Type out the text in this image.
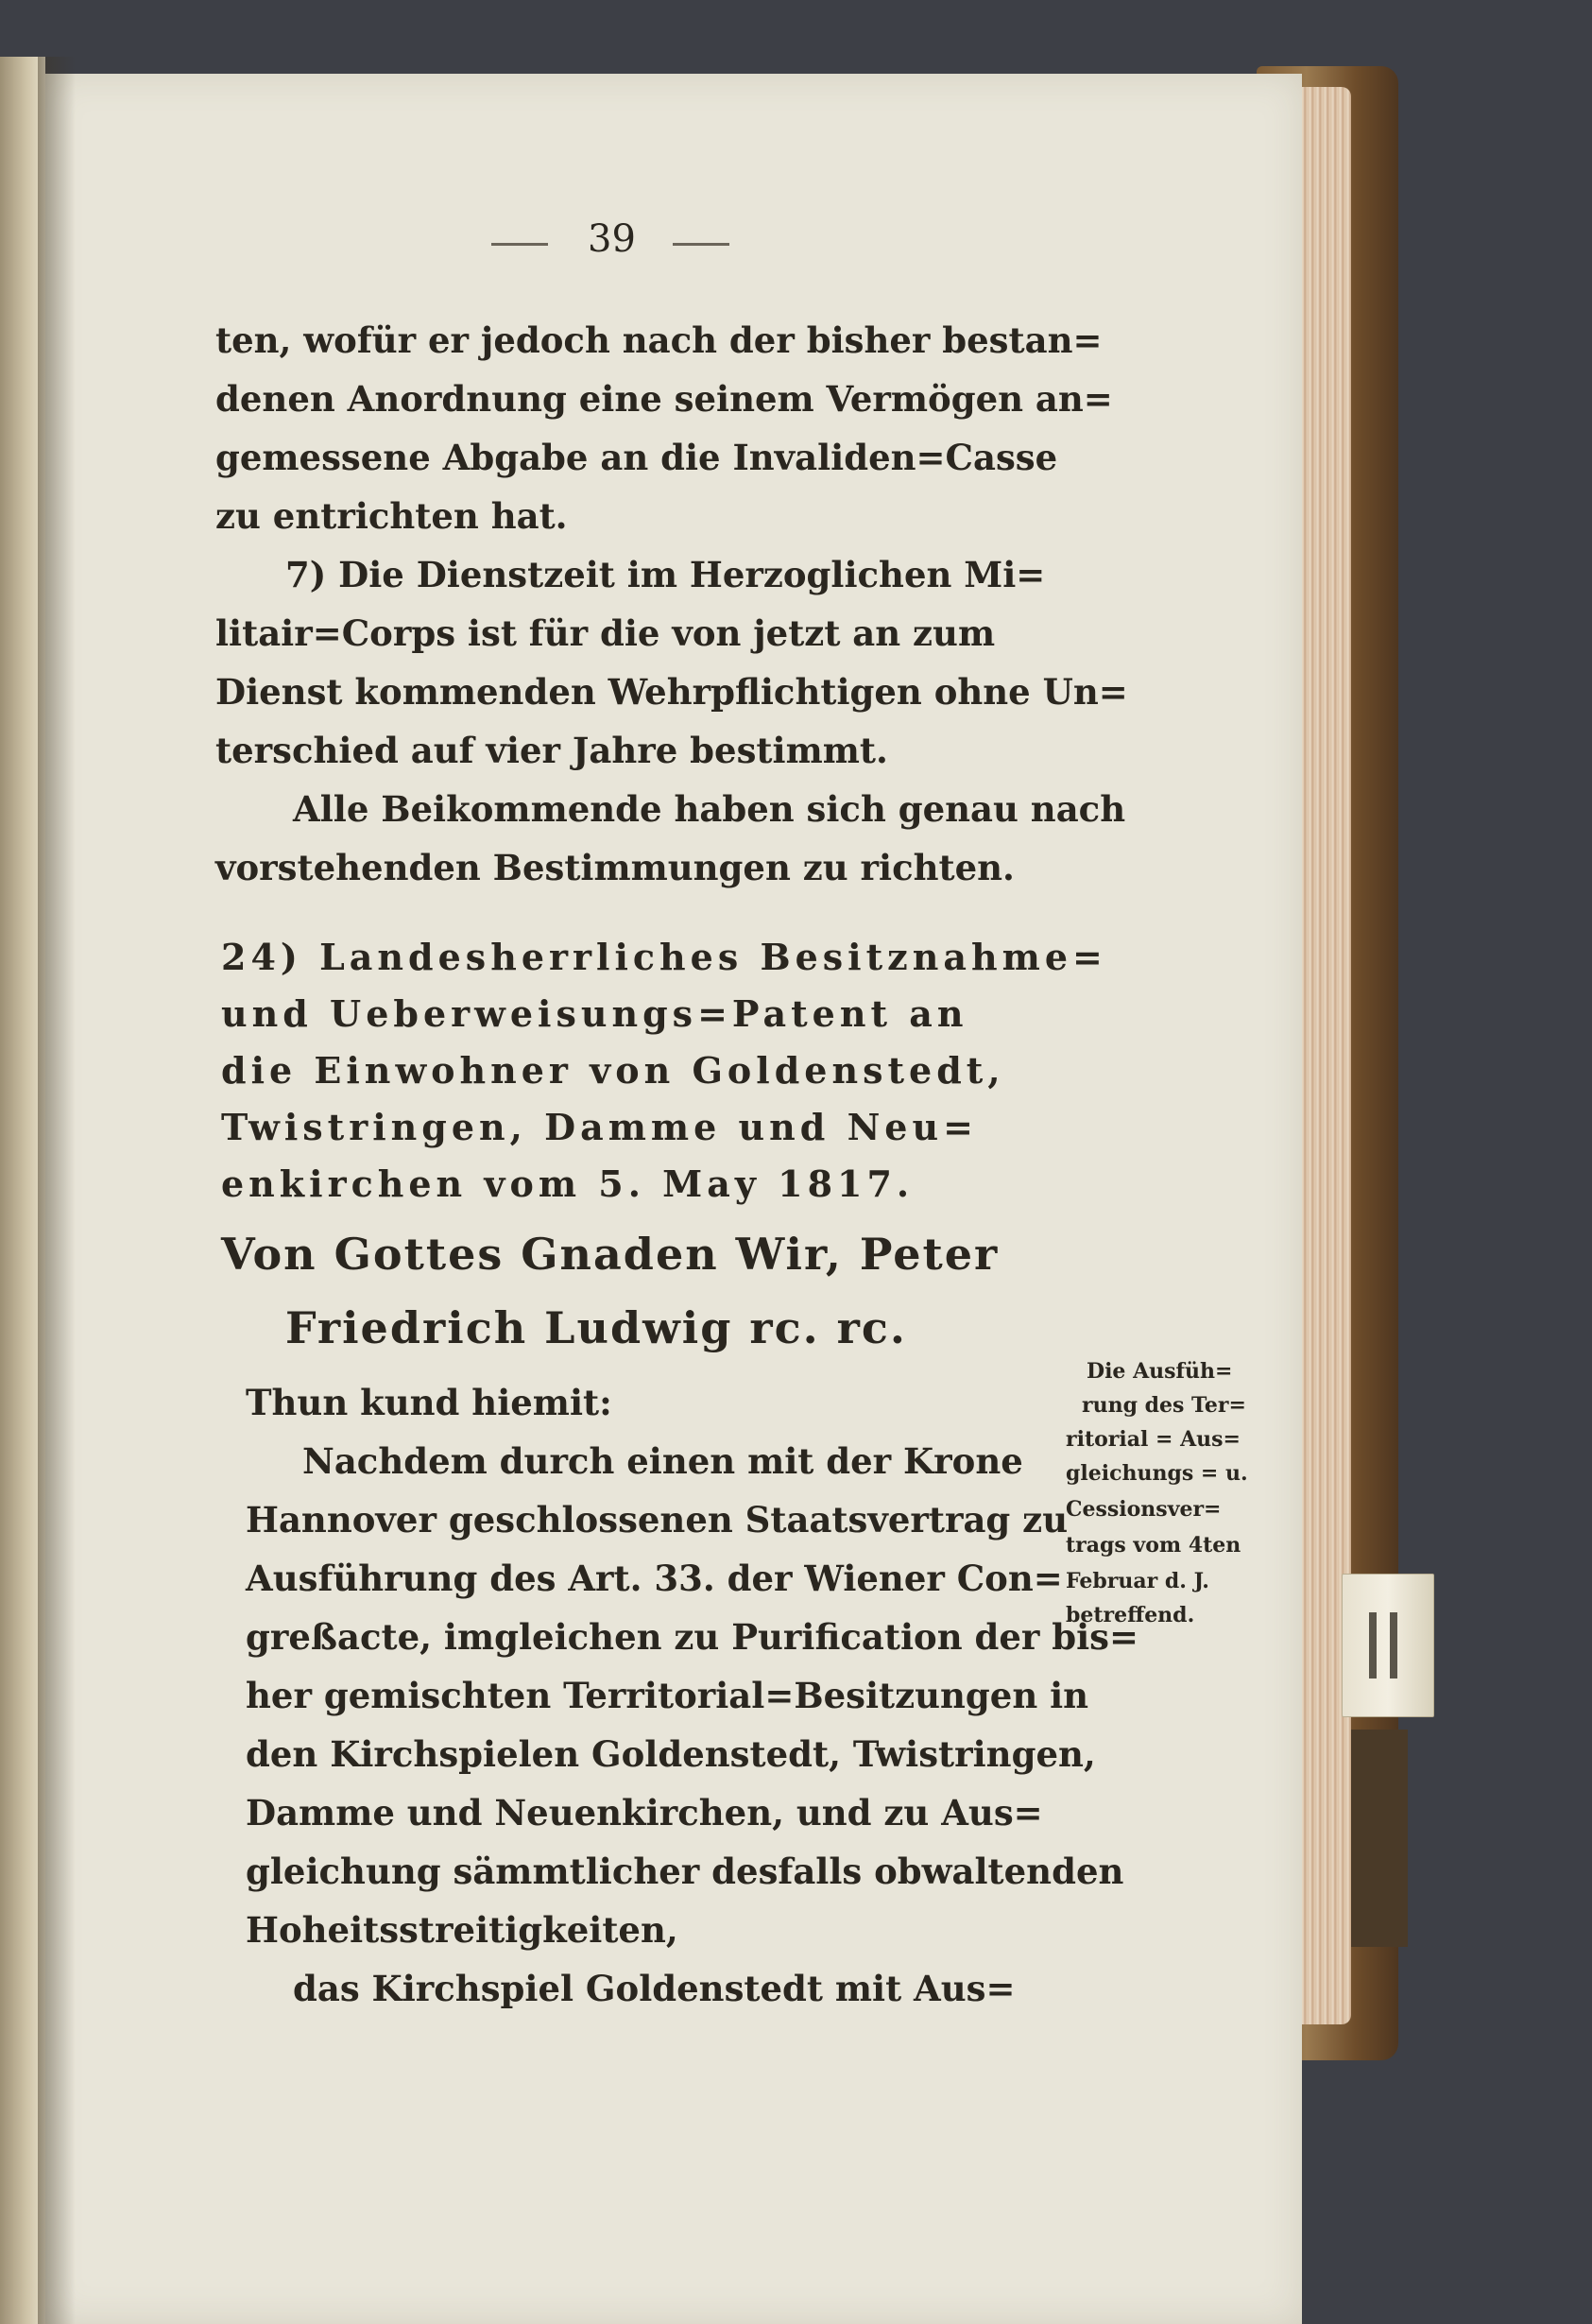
39
ten, wofür er jedoch nach der bisher bestan=
denen Anordnung eine seinem Vermögen an=
gemessene Abgabe an die Invaliden=Casse
zu entrichten hat.
7) Die Dienstzeit im Herzoglichen Mi=
litair=Corps ist für die von jetzt an zum
Dienst kommenden Wehrpflichtigen ohne Un=
terschied auf vier Jahre bestimmt.
Alle Beikommende haben sich genau nach
vorstehenden Bestimmungen zu richten.
24) Landesherrliches Besitznahme=
und Ueberweisungs=Patent an
die Einwohner von Goldenstedt,
Twistringen, Damme und Neu=
enkirchen vom 5. May 1817.
Von Gottes Gnaden Wir, Peter
Friedrich Ludwig rc. rc.
Thun kund hiemit:
Nachdem durch einen mit der Krone
Hannover geschlossenen Staatsvertrag zu
Ausführung des Art. 33. der Wiener Con=
greßacte, imgleichen zu Purification der bis=
her gemischten Territorial=Besitzungen in
den Kirchspielen Goldenstedt, Twistringen,
Damme und Neuenkirchen, und zu Aus=
gleichung sämmtlicher desfalls obwaltenden
Hoheitsstreitigkeiten,
das Kirchspiel Goldenstedt mit Aus=
Die Ausfüh=
rung des Ter=
ritorial = Aus=
gleichungs = u.
Cessionsver=
trags vom 4ten
Februar d. J.
betreffend.
